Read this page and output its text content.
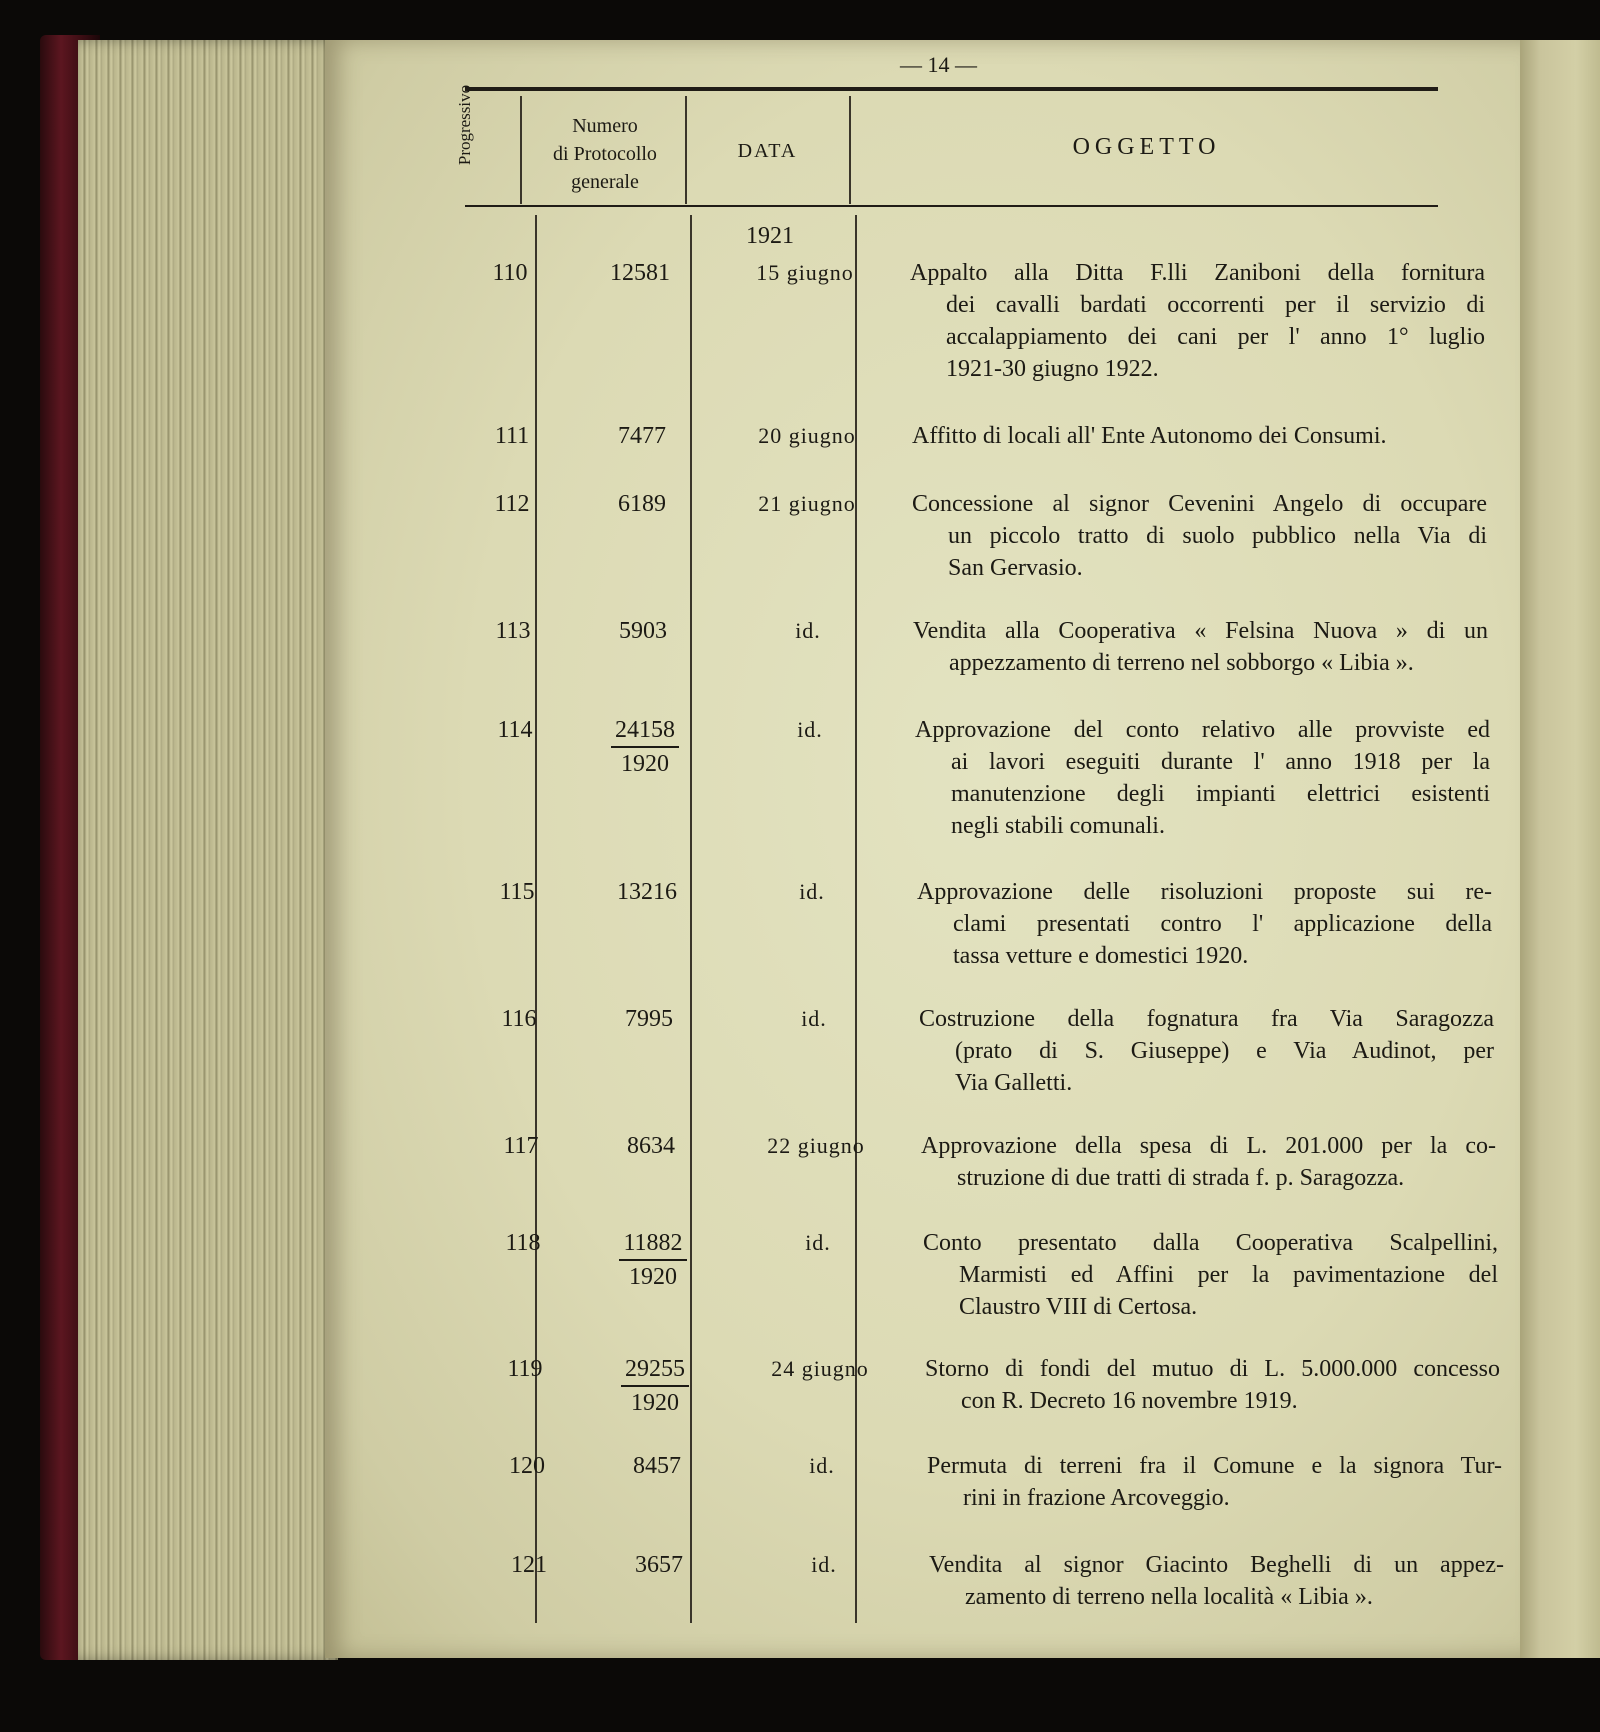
— 14 —
Progressivo	Numero
di Protocollo
generale
DATA	OGGETTO
1921
110	12581	15 giugno	Appalto alla Ditta F.lli Zaniboni della fornitura
dei cavalli bardati occorrenti per il servizio di
accalappiamento dei cani per l' anno 1° luglio
1921-30 giugno 1922.
111	7477	20 giugno	Affitto di locali all' Ente Autonomo dei Consumi.
112	6189	21 giugno	Concessione al signor Cevenini Angelo di occupare
un piccolo tratto di suolo pubblico nella Via di
San Gervasio.
113	5903	id.	Vendita alla Cooperativa « Felsina Nuova » di un
appezzamento di terreno nel sobborgo « Libia ».
114	$\frac{24158}{1920}$	id.	Approvazione del conto relativo alle provviste ed
ai lavori eseguiti durante l' anno 1918 per la
manutenzione degli impianti elettrici esistenti
negli stabili comunali.
115	13216	id.	Approvazione delle risoluzioni proposte sui re-
clami presentati contro l' applicazione della
tassa vetture e domestici 1920.
116	7995	id.	Costruzione della fognatura fra Via Saragozza
(prato di S. Giuseppe) e Via Audinot, per
Via Galletti.
117	8634	22 giugno	Approvazione della spesa di L. 201.000 per la co-
struzione di due tratti di strada f. p. Saragozza.
118	$\frac{11882}{1920}$	id.	Conto presentato dalla Cooperativa Scalpellini,
Marmisti ed Affini per la pavimentazione del
Claustro VIII di Certosa.
119	$\frac{29255}{1920}$	24 giugno	Storno di fondi del mutuo di L. 5.000.000 concesso
con R. Decreto 16 novembre 1919.
120	8457	id.	Permuta di terreni fra il Comune e la signora Tur-
rini in frazione Arcoveggio.
121	3657	id.	Vendita al signor Giacinto Beghelli di un appez-
zamento di terreno nella località « Libia ».
